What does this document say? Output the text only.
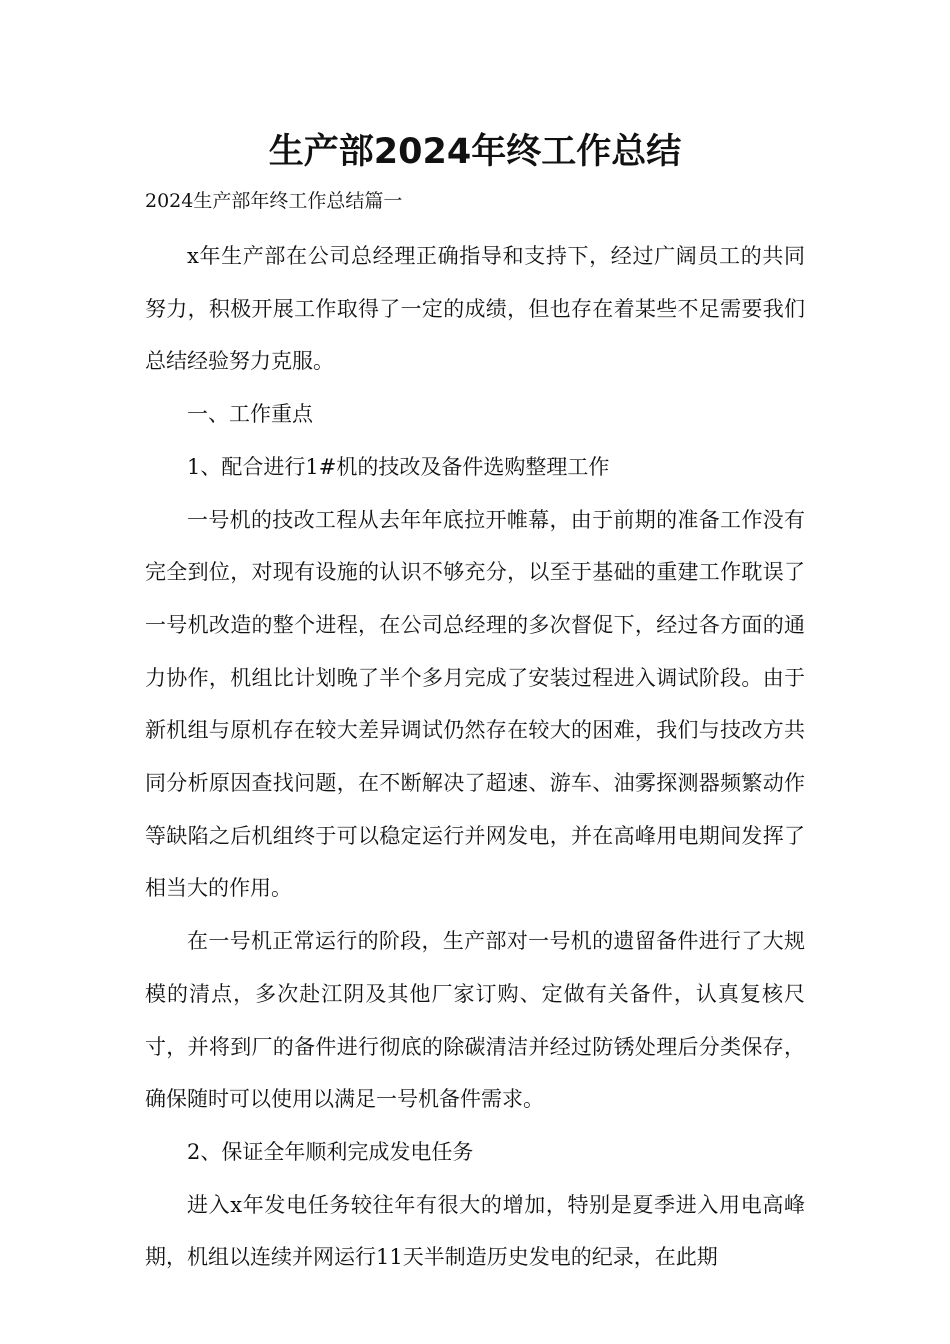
生产部2024年终工作总结

2024生产部年终工作总结篇一

x年生产部在公司总经理正确指导和支持下，经过广阔员工的共同努力，积极开展工作取得了一定的成绩，但也存在着某些不足需要我们总结经验努力克服。

一、工作重点

1、配合进行1#机的技改及备件选购整理工作

一号机的技改工程从去年年底拉开帷幕，由于前期的准备工作没有完全到位，对现有设施的认识不够充分，以至于基础的重建工作耽误了一号机改造的整个进程，在公司总经理的多次督促下，经过各方面的通力协作，机组比计划晚了半个多月完成了安装过程进入调试阶段。由于新机组与原机存在较大差异调试仍然存在较大的困难，我们与技改方共同分析原因查找问题，在不断解决了超速、游车、油雾探测器频繁动作等缺陷之后机组终于可以稳定运行并网发电，并在高峰用电期间发挥了相当大的作用。

在一号机正常运行的阶段，生产部对一号机的遗留备件进行了大规模的清点，多次赴江阴及其他厂家订购、定做有关备件，认真复核尺寸，并将到厂的备件进行彻底的除碳清洁并经过防锈处理后分类保存，确保随时可以使用以满足一号机备件需求。

2、保证全年顺利完成发电任务

进入x年发电任务较往年有很大的增加，特别是夏季进入用电高峰期，机组以连续并网运行11天半制造历史发电的纪录，在此期
